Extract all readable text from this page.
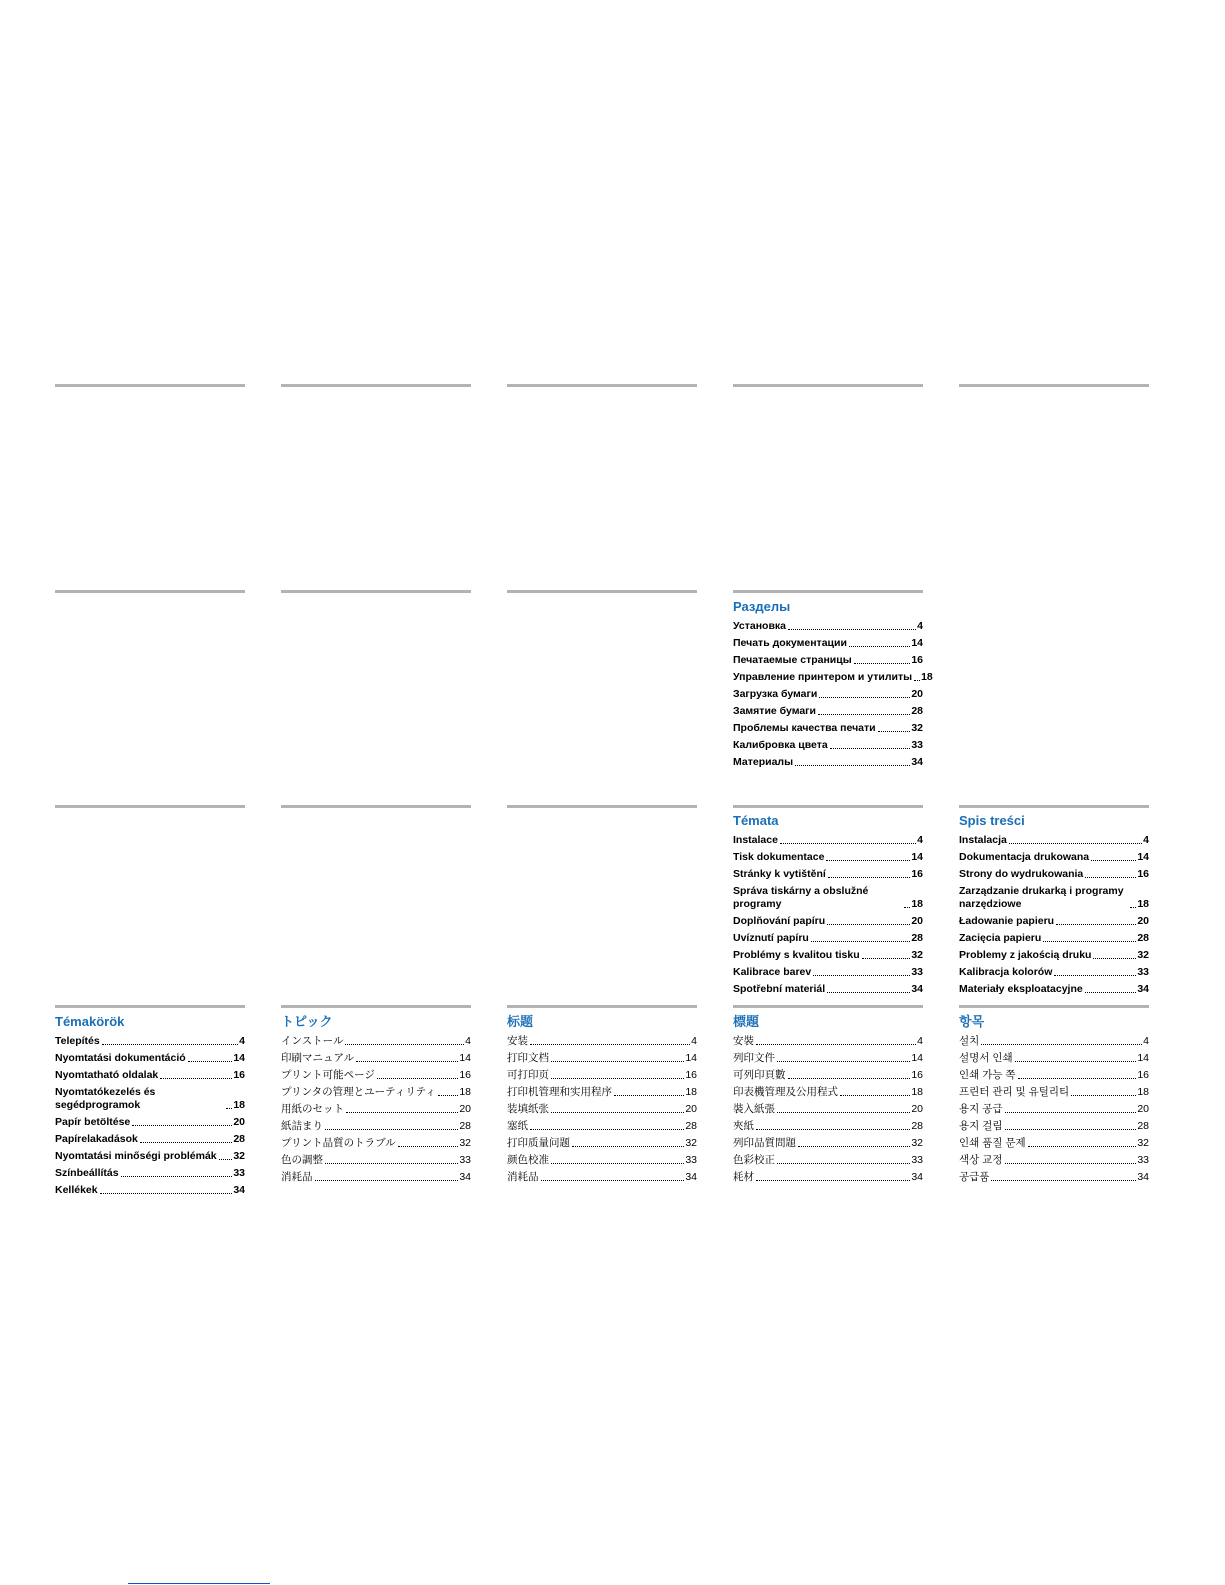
Разделы
Установка	4
Печать документации	14
Печатаемые страницы	16
Управление принтером и утилиты 18
Загрузка бумаги	20
Замятие бумаги	28
Проблемы качества печати	32
Калибровка цвета	33
Материалы	34
Témata
Instalace	4
Tisk dokumentace	14
Stránky k vytištění	16
Správa tiskárny a obslužné programy	18
Doplňování papíru	20
Uvíznutí papíru	28
Problémy s kvalitou tisku	32
Kalibrace barev	33
Spotřební materiál	34
Spis treści
Instalacja	4
Dokumentacja drukowana	14
Strony do wydrukowania	16
Zarządzanie drukarką i programy narzędziowe	18
Ładowanie papieru	20
Zacięcia papieru	28
Problemy z jakością druku	32
Kalibracja kolorów	33
Materiały eksploatacyjne	34
Témakörök
Telepítés	4
Nyomtatási dokumentáció	14
Nyomtatható oldalak	16
Nyomtatókezelés és segédprogramok	18
Papír betöltése	20
Papírelakadások	28
Nyomtatási minőségi problémák 32
Színbeállítás	33
Kellékek	34
トピック
インストール	4
印刷マニュアル	14
プリント可能ページ	16
プリンタの管理とユーティリティ 18
用紙のセット	20
紙詰まり	28
プリント品質のトラブル	32
色の調整	33
消耗品	34
标题
安装	4
打印文档	14
可打印页	16
打印机管理和实用程序	18
装填纸张	20
塞纸	28
打印质量问题	32
颜色校准	33
消耗品	34
標題
安裝	4
列印文件	14
可列印頁數	16
印表機管理及公用程式	18
裝入紙張	20
夾紙	28
列印品質問題	32
色彩校正	33
耗材	34
항목
설치	4
설명서 인쇄	14
인쇄 가능 쪽	16
프린터 관리 및 유틸리티	18
용지 공급	20
용지 걸림	28
인쇄 품질 문제	32
색상 교정	33
공급품	34
